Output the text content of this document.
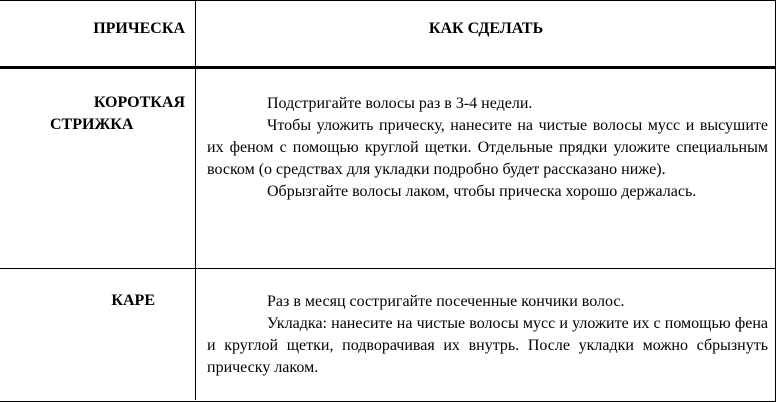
ПРИЧЕСКА	КАК СДЕЛАТЬ
КОРОТКАЯ

СТРИЖКА

Подстригайте волосы раз в 3-4 недели.

Чтобы уложить прическу, нанесите на чистые волосы мусс и высушите их феном с помощью круглой щетки. Отдельные прядки уложите специальным воском (о средствах для укладки подробно будет рассказано ниже).

Обрызгайте волосы лаком, чтобы прическа хорошо держалась.

КАРЕ	Раз в месяц состригайте посеченные кончики волос.

Укладка: нанесите на чистые волосы мусс и уложите их с помощью фена и круглой щетки, подворачивая их внутрь. После укладки можно сбрызнуть прическу лаком.
